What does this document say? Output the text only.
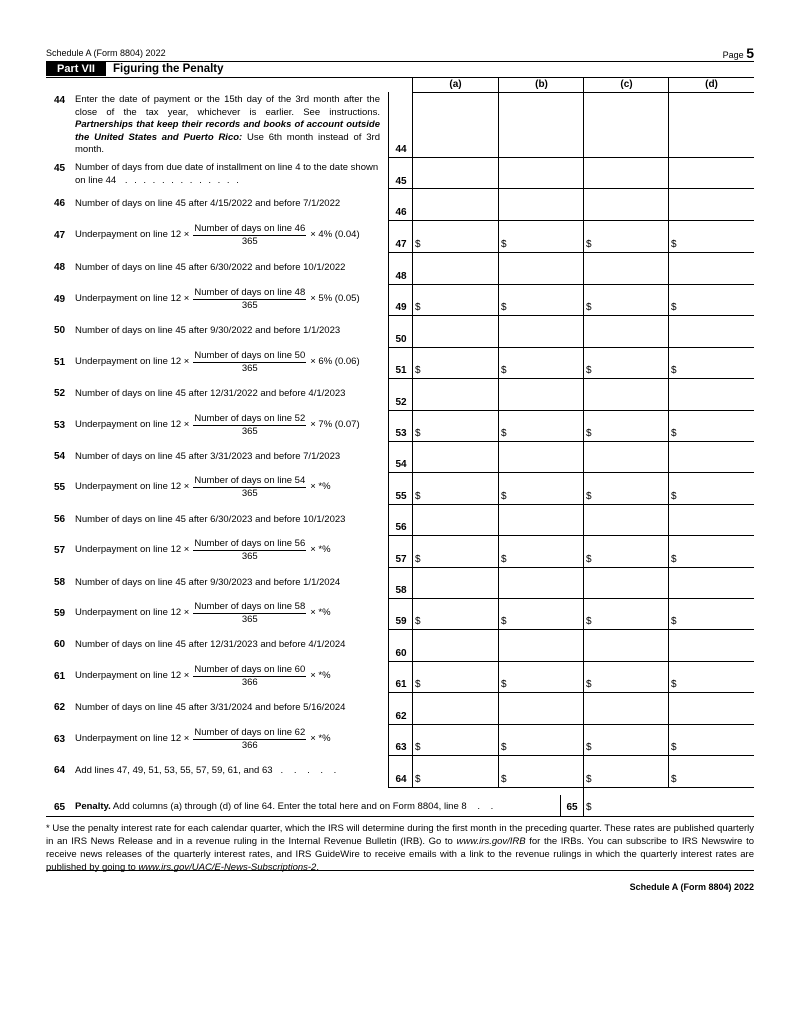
Schedule A (Form 8804) 2022	Page 5
Part VII	Figuring the Penalty
(a)	(b)	(c)	(d)
44 Enter the date of payment or the 15th day of the 3rd month after the close of the tax year, whichever is earlier. See instructions. Partnerships that keep their records and books of account outside the United States and Puerto Rico: Use 6th month instead of 3rd month.
45 Number of days from due date of installment on line 4 to the date shown on line 44 . . . . . . . . . . . . .
44
45
46 Number of days on line 45 after 4/15/2022 and before 7/1/2022
46
47 Underpayment on line $12 \times \frac{\text{Number of days on line 46}}{365} \times 4\%$ (0.04)
47 $	$	$	$
48 Number of days on line 45 after 6/30/2022 and before 10/1/2022
48
49 Underpayment on line $12 \times \frac{\text{Number of days on line 48}}{365} \times 5\%$ (0.05)
49 $	$	$	$
50 Number of days on line 45 after 9/30/2022 and before 1/1/2023
50
51 Underpayment on line $12 \times \frac{\text{Number of days on line 50}}{365} \times 6\%$ (0.06)
51 $	$	$	$
52 Number of days on line 45 after 12/31/2022 and before 4/1/2023
52
53 Underpayment on line $12 \times \frac{\text{Number of days on line 52}}{365} \times 7\%$ (0.07)
53 $	$	$	$
54 Number of days on line 45 after 3/31/2023 and before 7/1/2023
54
55 Underpayment on line $12 \times \frac{\text{Number of days on line 54}}{365}$ × *%
55 $	$	$	$
56 Number of days on line 45 after 6/30/2023 and before 10/1/2023
56
57 Underpayment on line $12 \times \frac{\text{Number of days on line 56}}{365}$ × *%
57 $	$	$	$
58 Number of days on line 45 after 9/30/2023 and before 1/1/2024
58
59 Underpayment on line $12 \times \frac{\text{Number of days on line 58}}{365}$ × *%
59 $	$	$	$
60 Number of days on line 45 after 12/31/2023 and before 4/1/2024
60
61 Underpayment on line $12 \times \frac{\text{Number of days on line 60}}{366}$ × *%
61 $	$	$	$
62 Number of days on line 45 after 3/31/2024 and before 5/16/2024
62
63 Underpayment on line $12 \times \frac{\text{Number of days on line 62}}{366}$ × *%
63 $	$	$	$
64 Add lines 47, 49, 51, 53, 55, 57, 59, 61, and 63 . . . . .
64 $	$	$	$
65 Penalty. Add columns (a) through (d) of line 64. Enter the total here and on Form 8804, line 8 . .	65 $
* Use the penalty interest rate for each calendar quarter, which the IRS will determine during the first month in the preceding quarter. These rates are published quarterly in an IRS News Release and in a revenue ruling in the Internal Revenue Bulletin (IRB). Go to www.irs.gov/IRB for the IRBs. You can subscribe to IRS Newswire to receive news releases of the quarterly interest rates, and IRS GuideWire to receive emails with a link to the revenue rulings in which the quarterly interest rates are published by going to www.irs.gov/UAC/E-News-Subscriptions-2.
Schedule A (Form 8804) 2022
